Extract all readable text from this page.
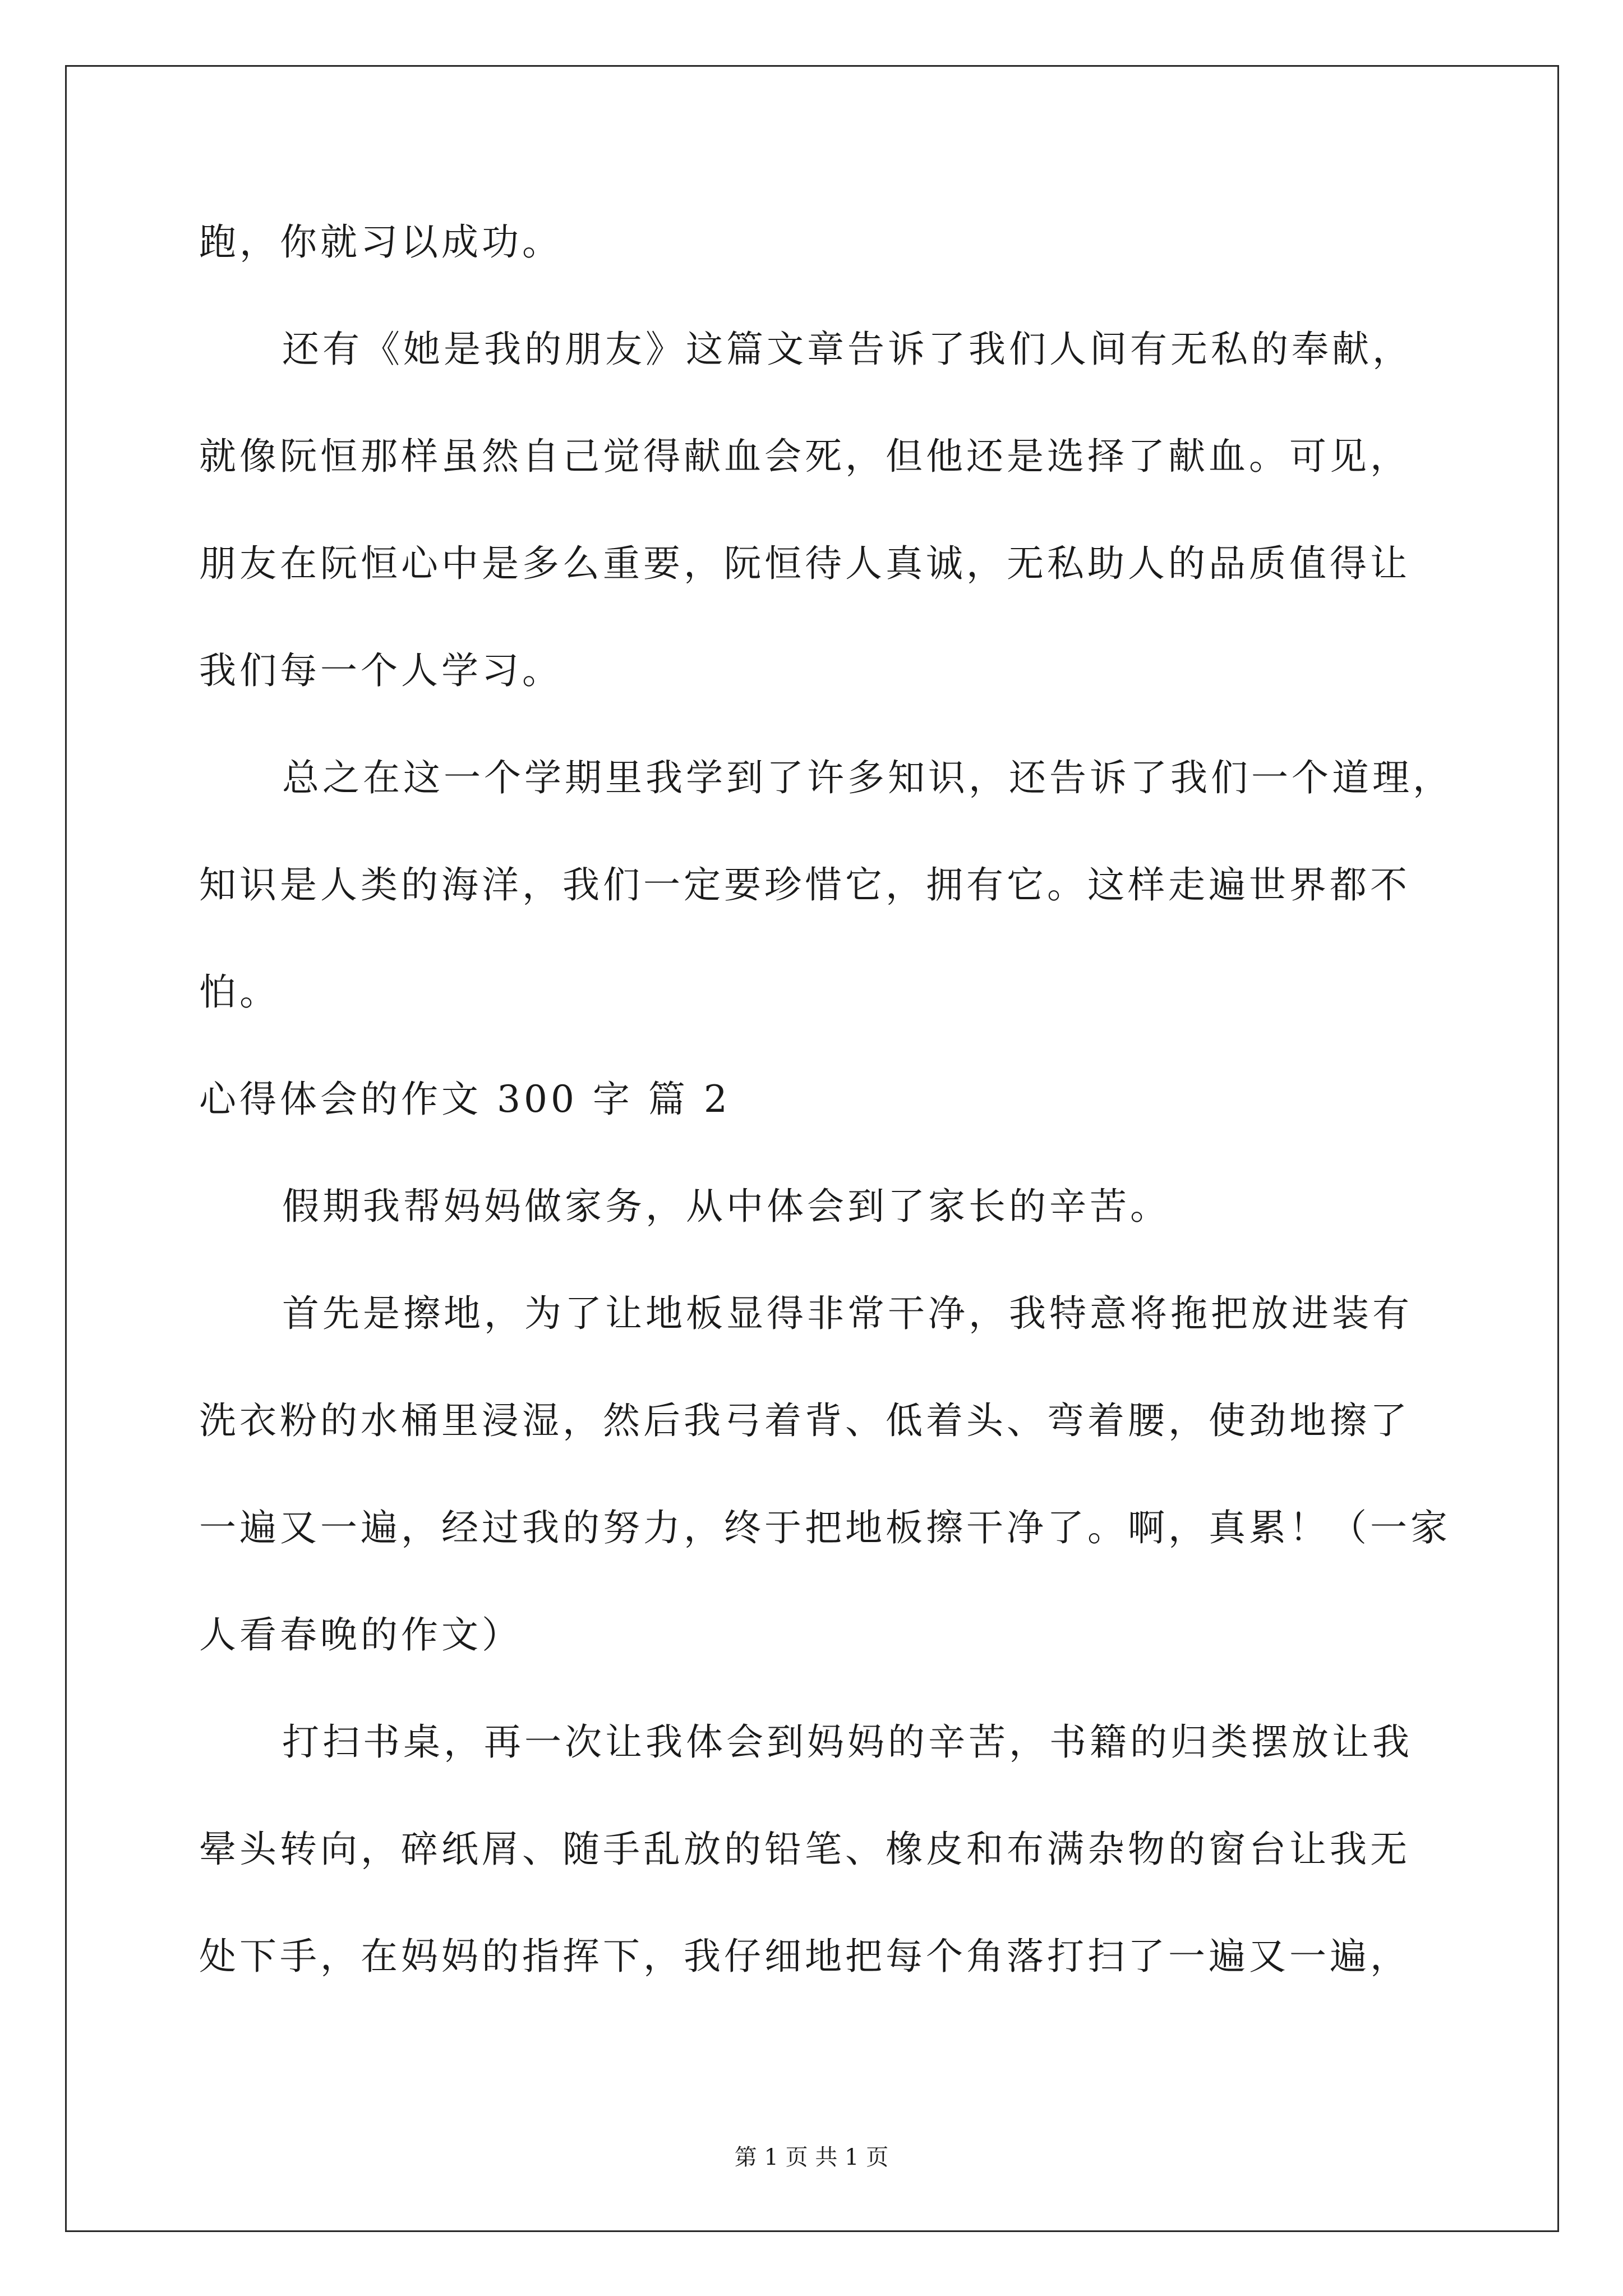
跑，你就习以成功。
还有《她是我的朋友》这篇文章告诉了我们人间有无私的奉献，
就像阮恒那样虽然自己觉得献血会死，但他还是选择了献血。可见，
朋友在阮恒心中是多么重要，阮恒待人真诚，无私助人的品质值得让
我们每一个人学习。
总之在这一个学期里我学到了许多知识，还告诉了我们一个道理，
知识是人类的海洋，我们一定要珍惜它，拥有它。这样走遍世界都不
怕。
心得体会的作文 300 字 篇 2
假期我帮妈妈做家务，从中体会到了家长的辛苦。
首先是擦地，为了让地板显得非常干净，我特意将拖把放进装有
洗衣粉的水桶里浸湿，然后我弓着背、低着头、弯着腰，使劲地擦了
一遍又一遍，经过我的努力，终于把地板擦干净了。啊，真累！（一家
人看春晚的作文）
打扫书桌，再一次让我体会到妈妈的辛苦，书籍的归类摆放让我
晕头转向，碎纸屑、随手乱放的铅笔、橡皮和布满杂物的窗台让我无
处下手，在妈妈的指挥下，我仔细地把每个角落打扫了一遍又一遍，
第 1 页 共 1 页
